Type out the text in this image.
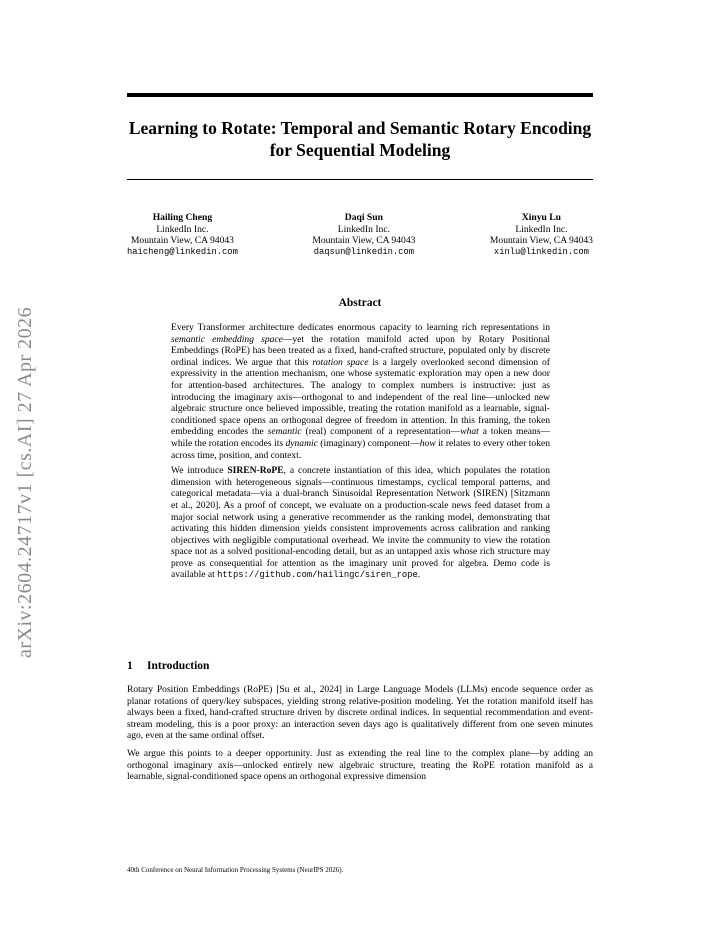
arXiv:2604.24717v1 [cs.AI] 27 Apr 2026
Learning to Rotate: Temporal and Semantic Rotary Encoding for Sequential Modeling
Hailing Cheng
LinkedIn Inc.
Mountain View, CA 94043
haicheng@linkedin.com
Daqi Sun
LinkedIn Inc.
Mountain View, CA 94043
daqsun@linkedin.com
Xinyu Lu
LinkedIn Inc.
Mountain View, CA 94043
xinlu@linkedin.com
Abstract

Every Transformer architecture dedicates enormous capacity to learning rich representations in semantic embedding space—yet the rotation manifold acted upon by Rotary Positional Embeddings (RoPE) has been treated as a fixed, hand-crafted structure, populated only by discrete ordinal indices. We argue that this rotation space is a largely overlooked second dimension of expressivity in the attention mechanism, one whose systematic exploration may open a new door for attention-based architectures. The analogy to complex numbers is instructive: just as introducing the imaginary axis—orthogonal to and independent of the real line—unlocked new algebraic structure once believed impossible, treating the rotation manifold as a learnable, signal-conditioned space opens an orthogonal degree of freedom in attention. In this framing, the token embedding encodes the semantic (real) component of a representation—what a token means—while the rotation encodes its dynamic (imaginary) component—how it relates to every other token across time, position, and context.

We introduce SIREN-RoPE, a concrete instantiation of this idea, which populates the rotation dimension with heterogeneous signals—continuous timestamps, cyclical temporal patterns, and categorical metadata—via a dual-branch Sinusoidal Representation Network (SIREN) [Sitzmann et al., 2020]. As a proof of concept, we evaluate on a production-scale news feed dataset from a major social network using a generative recommender as the ranking model, demonstrating that activating this hidden dimension yields consistent improvements across calibration and ranking objectives with negligible computational overhead. We invite the community to view the rotation space not as a solved positional-encoding detail, but as an untapped axis whose rich structure may prove as consequential for attention as the imaginary unit proved for algebra. Demo code is available at https://github.com/hailingc/siren_rope.

1 Introduction

Rotary Position Embeddings (RoPE) [Su et al., 2024] in Large Language Models (LLMs) encode sequence order as planar rotations of query/key subspaces, yielding strong relative-position modeling. Yet the rotation manifold itself has always been a fixed, hand-crafted structure driven by discrete ordinal indices. In sequential recommendation and event-stream modeling, this is a poor proxy: an interaction seven days ago is qualitatively different from one seven minutes ago, even at the same ordinal offset.

We argue this points to a deeper opportunity. Just as extending the real line to the complex plane—by adding an orthogonal imaginary axis—unlocked entirely new algebraic structure, treating the RoPE rotation manifold as a learnable, signal-conditioned space opens an orthogonal expressive dimension

40th Conference on Neural Information Processing Systems (NeurIPS 2026).
